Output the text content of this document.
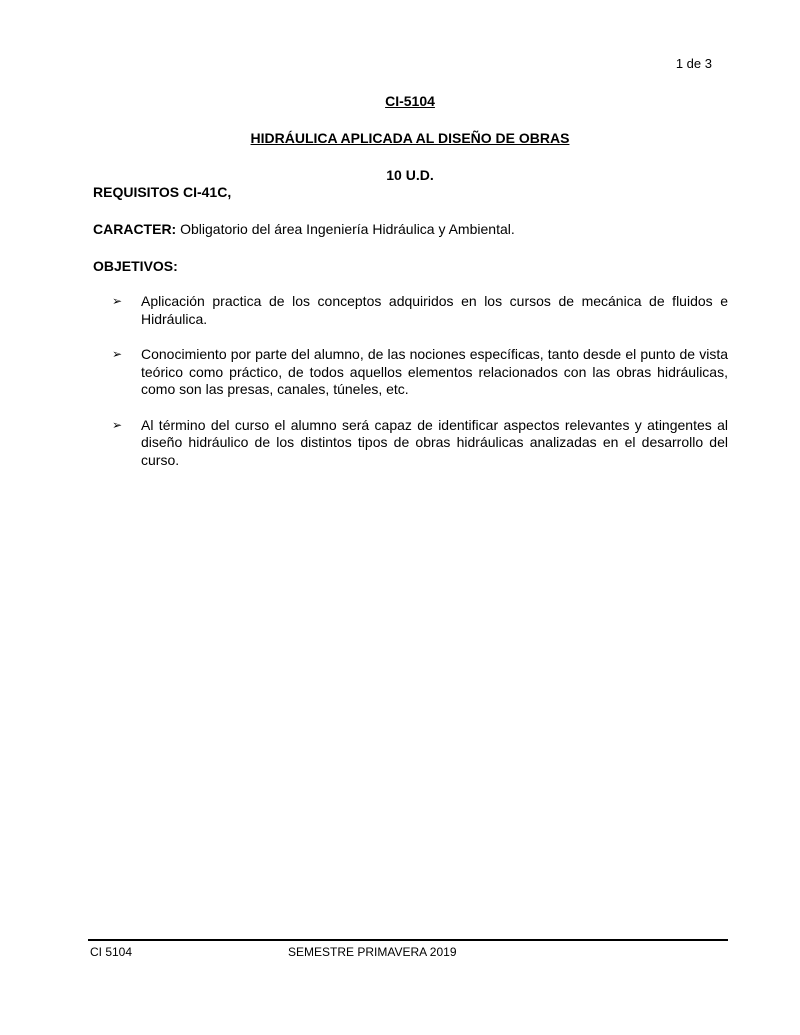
1 de 3

CI-5104

HIDRÁULICA APLICADA AL DISEÑO DE OBRAS

10 U.D.

REQUISITOS CI-41C,

CARACTER: Obligatorio del área Ingeniería Hidráulica y Ambiental.

OBJETIVOS:

➢ Aplicación practica de los conceptos adquiridos en los cursos de mecánica de fluidos e Hidráulica.
➢ Conocimiento por parte del alumno, de las nociones específicas, tanto desde el punto de vista teórico como práctico, de todos aquellos elementos relacionados con las obras hidráulicas, como son las presas, canales, túneles, etc.
➢ Al término del curso el alumno será capaz de identificar aspectos relevantes y atingentes al diseño hidráulico de los distintos tipos de obras hidráulicas analizadas en el desarrollo del curso.
CI 5104	SEMESTRE PRIMAVERA 2019
